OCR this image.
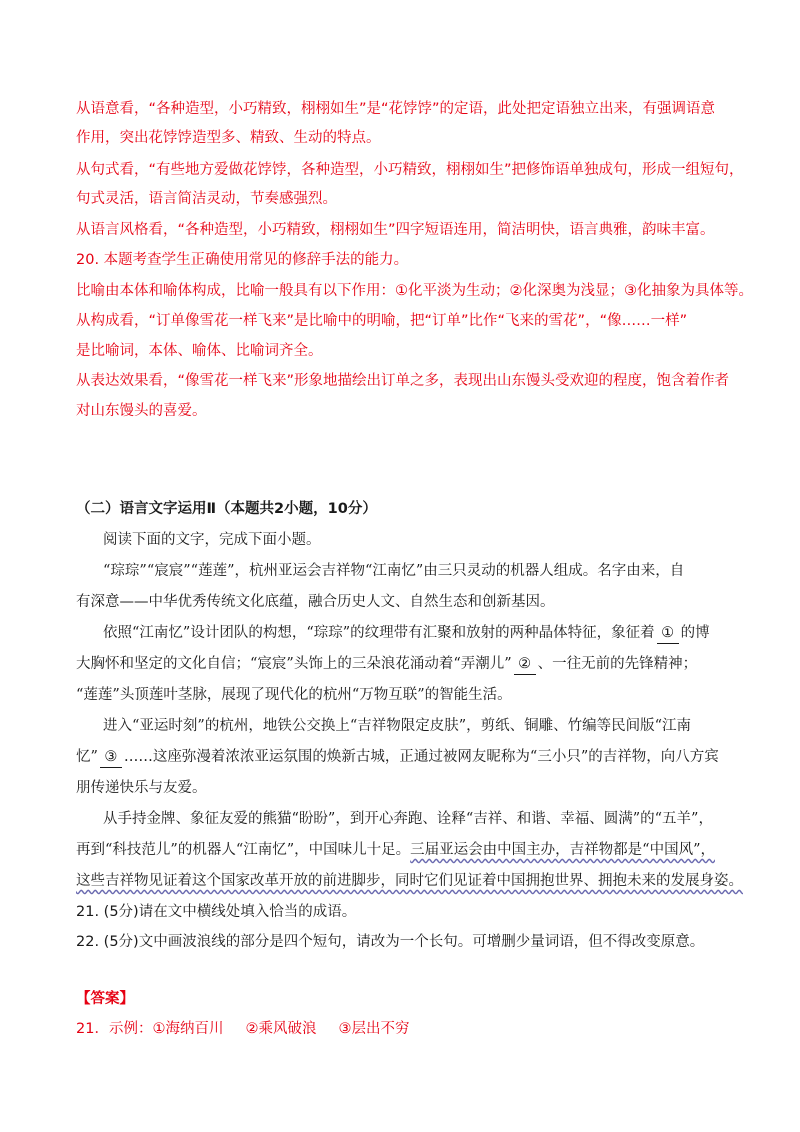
从语意看，“各种造型，小巧精致，栩栩如生”是“花饽饽”的定语，此处把定语独立出来，有强调语意
作用，突出花饽饽造型多、精致、生动的特点。
从句式看，“有些地方爱做花饽饽，各种造型，小巧精致，栩栩如生”把修饰语单独成句，形成一组短句，
句式灵活，语言简洁灵动，节奏感强烈。
从语言风格看，“各种造型，小巧精致，栩栩如生”四字短语连用，简洁明快，语言典雅，韵味丰富。
20. 本题考查学生正确使用常见的修辞手法的能力。
比喻由本体和喻体构成，比喻一般具有以下作用：①化平淡为生动；②化深奥为浅显；③化抽象为具体等。
从构成看，“订单像雪花一样飞来”是比喻中的明喻，把“订单”比作“飞来的雪花”，“像……一样”
是比喻词，本体、喻体、比喻词齐全。
从表达效果看，“像雪花一样飞来”形象地描绘出订单之多，表现出山东馒头受欢迎的程度，饱含着作者
对山东馒头的喜爱。
（二）语言文字运用Ⅱ（本题共2小题，10分）
阅读下面的文字，完成下面小题。
“琮琮”“宸宸”“莲莲”，杭州亚运会吉祥物“江南忆”由三只灵动的机器人组成。名字由来，自
有深意——中华优秀传统文化底蕴，融合历史人文、自然生态和创新基因。
依照“江南忆”设计团队的构想，“琮琮”的纹理带有汇聚和放射的两种晶体特征，象征着 ① 的博
大胸怀和坚定的文化自信；“宸宸”头饰上的三朵浪花涌动着“弄潮儿” ② 、一往无前的先锋精神；
“莲莲”头顶莲叶茎脉，展现了现代化的杭州“万物互联”的智能生活。
进入“亚运时刻”的杭州，地铁公交换上“吉祥物限定皮肤”，剪纸、铜雕、竹编等民间版“江南
忆” ③ ……这座弥漫着浓浓亚运氛围的焕新古城，正通过被网友昵称为“三小只”的吉祥物，向八方宾
朋传递快乐与友爱。
从手持金牌、象征友爱的熊猫“盼盼”，到开心奔跑、诠释“吉祥、和谐、幸福、圆满”的“五羊”，
再到“科技范儿”的机器人“江南忆”，中国味儿十足。三届亚运会由中国主办，吉祥物都是“中国风”，
这些吉祥物见证着这个国家改革开放的前进脚步，同时它们见证着中国拥抱世界、拥抱未来的发展身姿。
21. (5分)请在文中横线处填入恰当的成语。
22. (5分)文中画波浪线的部分是四个短句，请改为一个长句。可增删少量词语，但不得改变原意。
【答案】
21．示例：①海纳百川 ②乘风破浪 ③层出不穷
